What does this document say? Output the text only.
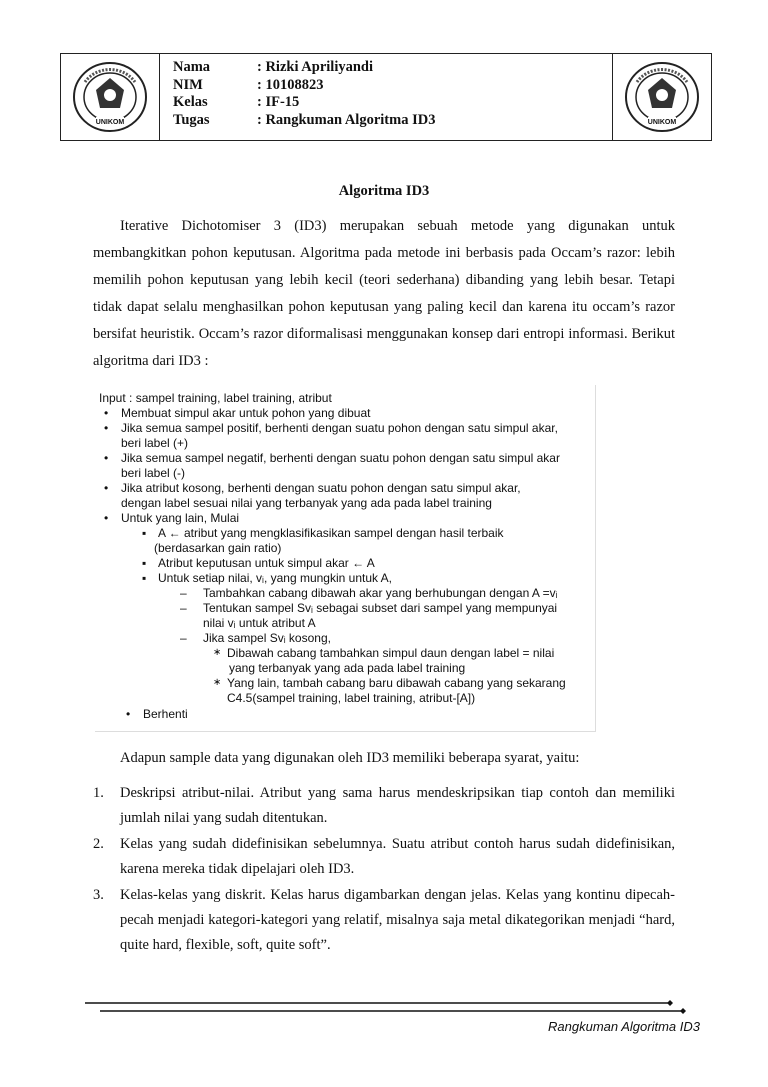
UNIKOM
Nama	: Rizki Apriliyandi
NIM	: 10108823
Kelas	: IF-15
Tugas	: Rangkuman Algoritma ID3	UNIKOM
Algoritma ID3
Iterative Dichotomiser 3 (ID3) merupakan sebuah metode yang digunakan untuk membangkitkan pohon keputusan. Algoritma pada metode ini berbasis pada Occam’s razor: lebih memilih pohon keputusan yang lebih kecil (teori sederhana) dibanding yang lebih besar. Tetapi tidak dapat selalu menghasilkan pohon keputusan yang paling kecil dan karena itu occam’s razor bersifat heuristik. Occam’s razor diformalisasi menggunakan konsep dari entropi informasi. Berikut algoritma dari ID3 :
Input : sampel training, label training, atribut
• Membuat simpul akar untuk pohon yang dibuat
• Jika semua sampel positif, berhenti dengan suatu pohon dengan satu simpul akar,
beri label (+)
• Jika semua sampel negatif, berhenti dengan suatu pohon dengan satu simpul akar
beri label (-)
• Jika atribut kosong, berhenti dengan suatu pohon dengan satu simpul akar,
dengan label sesuai nilai yang terbanyak yang ada pada label training
• Untuk yang lain, Mulai
▪ A ← atribut yang mengklasifikasikan sampel dengan hasil terbaik
(berdasarkan gain ratio)
▪ Atribut keputusan untuk simpul akar ← A
▪ Untuk setiap nilai, vᵢ, yang mungkin untuk A,
– Tambahkan cabang dibawah akar yang berhubungan dengan A =vᵢ
– Tentukan sampel Svᵢ sebagai subset dari sampel yang mempunyai
nilai vᵢ untuk atribut A
– Jika sampel Svᵢ kosong,
∗ Dibawah cabang tambahkan simpul daun dengan label = nilai
yang terbanyak yang ada pada label training
∗ Yang lain, tambah cabang baru dibawah cabang yang sekarang
C4.5(sampel training, label training, atribut-[A])
• Berhenti
Adapun sample data yang digunakan oleh ID3 memiliki beberapa syarat, yaitu:
1. Deskripsi atribut-nilai. Atribut yang sama harus mendeskripsikan tiap contoh dan memiliki jumlah nilai yang sudah ditentukan.
2. Kelas yang sudah didefinisikan sebelumnya. Suatu atribut contoh harus sudah didefinisikan, karena mereka tidak dipelajari oleh ID3.
3. Kelas-kelas yang diskrit. Kelas harus digambarkan dengan jelas. Kelas yang kontinu dipecah-pecah menjadi kategori-kategori yang relatif, misalnya saja metal dikategorikan menjadi “hard, quite hard, flexible, soft, quite soft”.
Rangkuman Algoritma ID3
